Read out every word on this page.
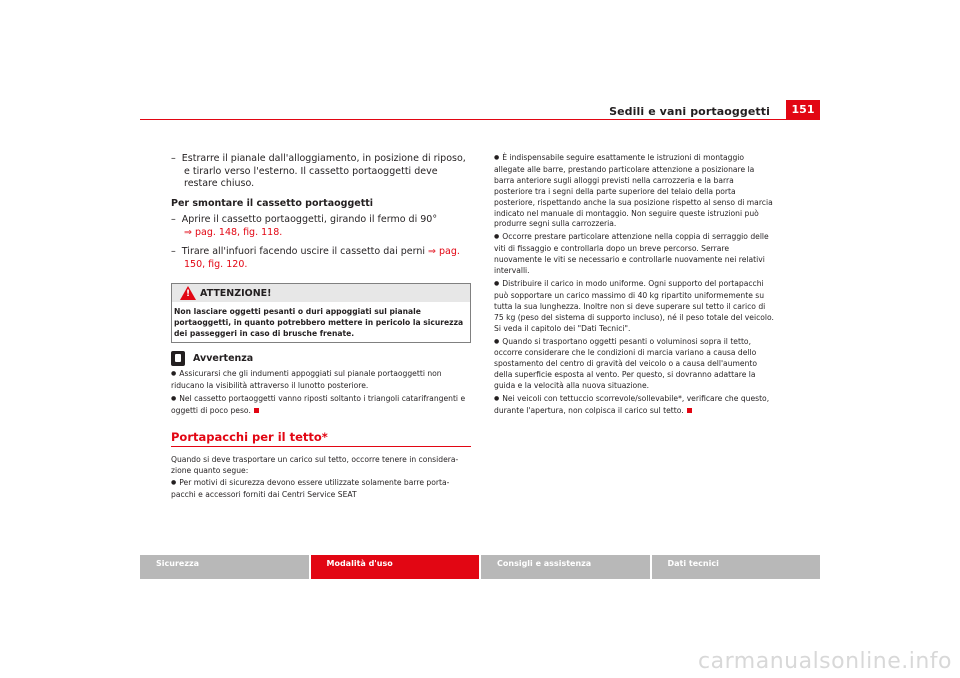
Sedili e vani portaoggetti	151

–  Estrarre il pianale dall'alloggiamento, in posizione di riposo, e tirarlo verso l'esterno. Il cassetto portaoggetti deve restare chiuso.

Per smontare il cassetto portaoggetti

–  Aprire il cassetto portaoggetti, girando il fermo di 90°
⇒ pag. 148, fig. 118.

–  Tirare all'infuori facendo uscire il cassetto dai perni ⇒ pag. 150, fig. 120.

!
ATTENZIONE!
Non lasciare oggetti pesanti o duri appoggiati sul pianale portaoggetti, in quanto potrebbero mettere in pericolo la sicurezza dei passeggeri in caso di brusche frenate.
Avvertenza

● Assicurarsi che gli indumenti appoggiati sul pianale portaoggetti non riducano la visibilità attraverso il lunotto posteriore.

● Nel cassetto portaoggetti vanno riposti soltanto i triangoli catarifrangenti e oggetti di poco peso.

Portapacchi per il tetto*

Quando si deve trasportare un carico sul tetto, occorre tenere in considera-zione quanto segue:

● Per motivi di sicurezza devono essere utilizzate solamente barre porta-pacchi e accessori forniti dai Centri Service SEAT

● È indispensabile seguire esattamente le istruzioni di montaggio allegate alle barre, prestando particolare attenzione a posizionare la barra anteriore sugli alloggi previsti nella carrozzeria e la barra posteriore tra i segni della parte superiore del telaio della porta posteriore, rispettando anche la sua posizione rispetto al senso di marcia indicato nel manuale di montaggio. Non seguire queste istruzioni può produrre segni sulla carrozzeria.

● Occorre prestare particolare attenzione nella coppia di serraggio delle viti di fissaggio e controllarla dopo un breve percorso. Serrare nuovamente le viti se necessario e controllarle nuovamente nei relativi intervalli.

● Distribuire il carico in modo uniforme. Ogni supporto del portapacchi può sopportare un carico massimo di 40 kg ripartito uniformemente su tutta la sua lunghezza. Inoltre non si deve superare sul tetto il carico di 75 kg (peso del sistema di supporto incluso), né il peso totale del veicolo. Si veda il capitolo dei "Dati Tecnici".

● Quando si trasportano oggetti pesanti o voluminosi sopra il tetto, occorre considerare che le condizioni di marcia variano a causa dello spostamento del centro di gravità del veicolo o a causa dell'aumento della superficie esposta al vento. Per questo, si dovranno adattare la guida e la velocità alla nuova situazione.

● Nei veicoli con tettuccio scorrevole/sollevabile*, verificare che questo, durante l'apertura, non colpisca il carico sul tetto.

Sicurezza	Modalità d'uso	Consigli e assistenza	Dati tecnici
carmanualsonline.info
